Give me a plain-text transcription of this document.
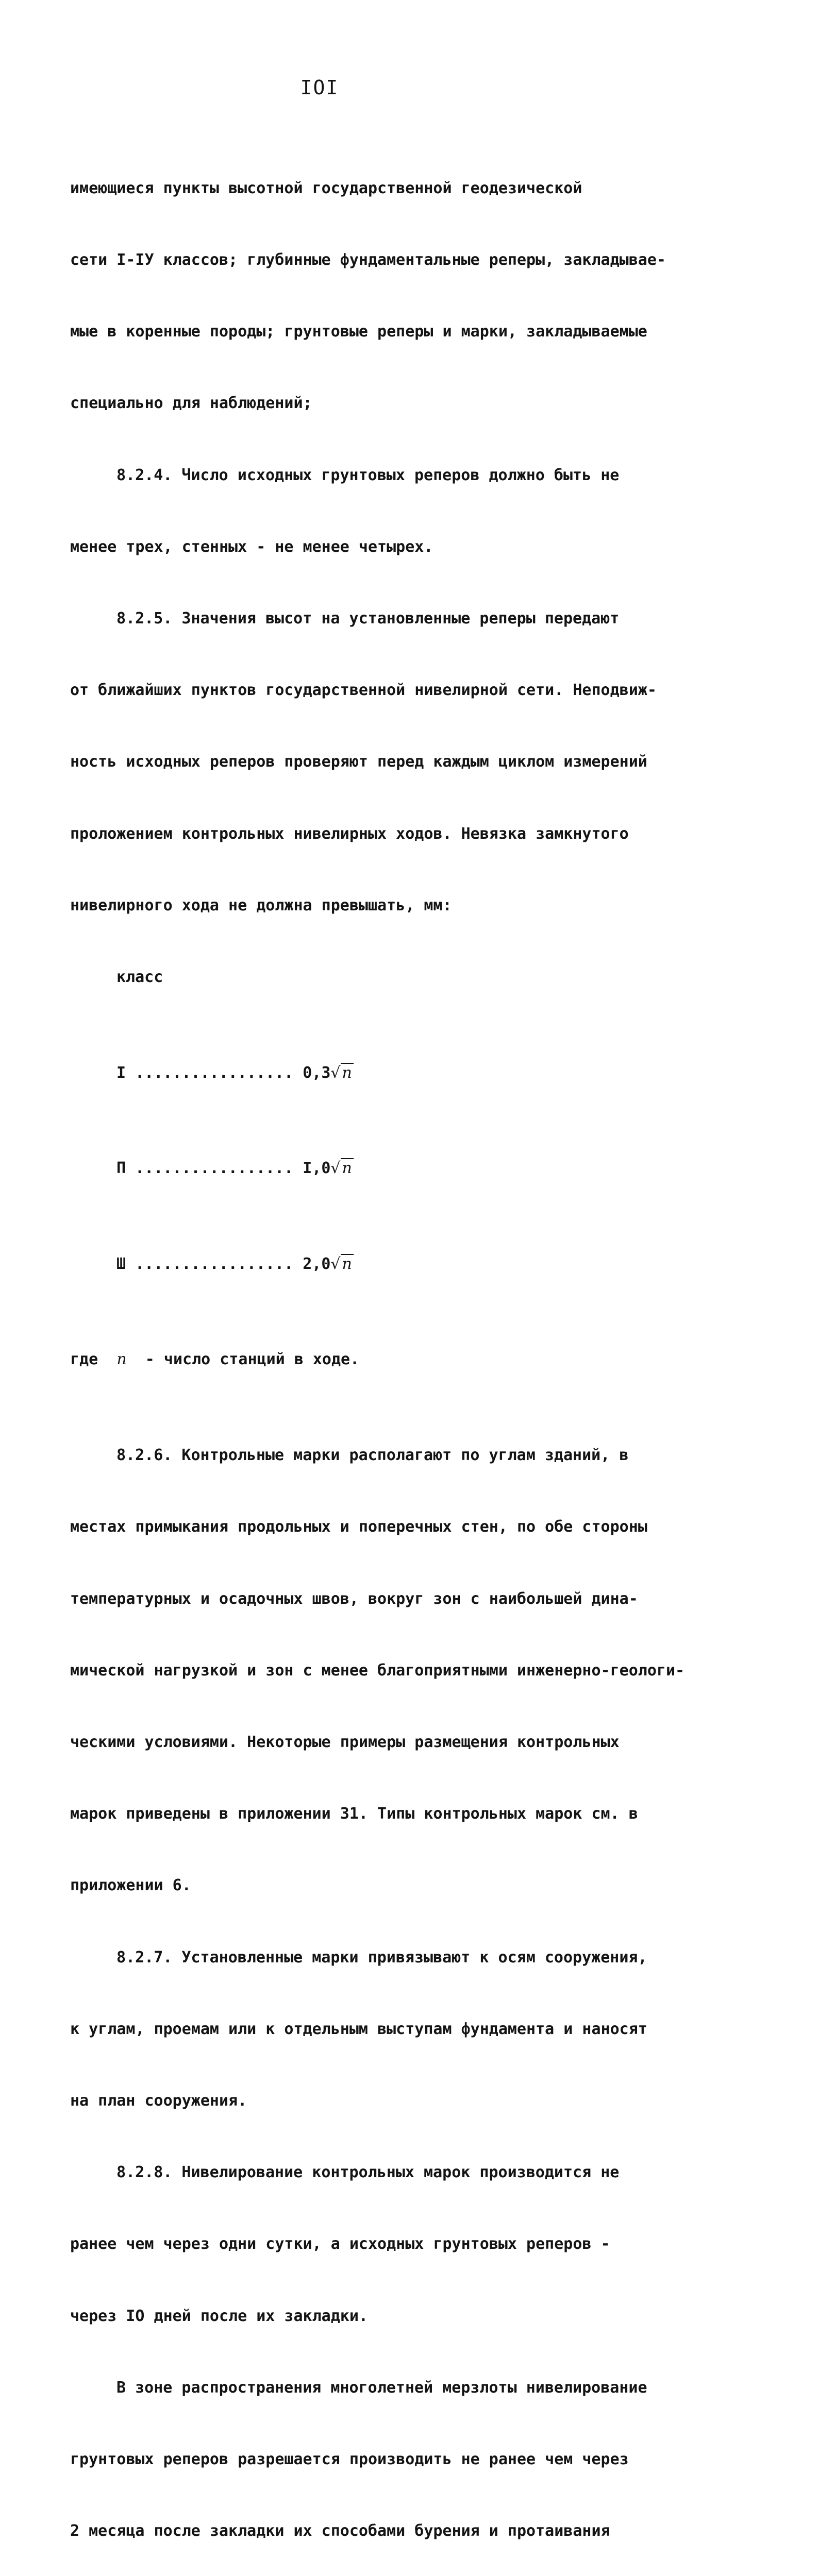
IOI

имеющиеся пункты высотной государственной геодезической

сети I-IУ классов; глубинные фундаментальные реперы, закладывае-

мые в коренные породы; грунтовые реперы и марки, закладываемые

специально для наблюдений;

8.2.4. Число исходных грунтовых реперов должно быть не

менее трех, стенных - не менее четырех.

8.2.5. Значения высот на установленные реперы передают

от ближайших пунктов государственной нивелирной сети. Неподвиж-

ность исходных реперов проверяют перед каждым циклом измерений

проложением контрольных нивелирных ходов. Невязка замкнутого

нивелирного хода не должна превышать, мм:

класс

I ................. 0,3√ n

П ................. I,0√ n

Ш ................. 2,0√ n

где  n  - число станций в ходе.

8.2.6. Контрольные марки располагают по углам зданий, в

местах примыкания продольных и поперечных стен, по обе стороны

температурных и осадочных швов, вокруг зон с наибольшей дина-

мической нагрузкой и зон с менее благоприятными инженерно-геологи-

ческими условиями. Некоторые примеры размещения контрольных

марок приведены в приложении 31. Типы контрольных марок см. в

приложении 6.

8.2.7. Установленные марки привязывают к осям сооружения,

к углам, проемам или к отдельным выступам фундамента и наносят

на план сооружения.

8.2.8. Нивелирование контрольных марок производится не

ранее чем через одни сутки, а исходных грунтовых реперов -

через IO дней после их закладки.

В зоне распространения многолетней мерзлоты нивелирование

грунтовых реперов разрешается производить не ранее чем через

2 месяца после закладки их способами бурения и протаивания
